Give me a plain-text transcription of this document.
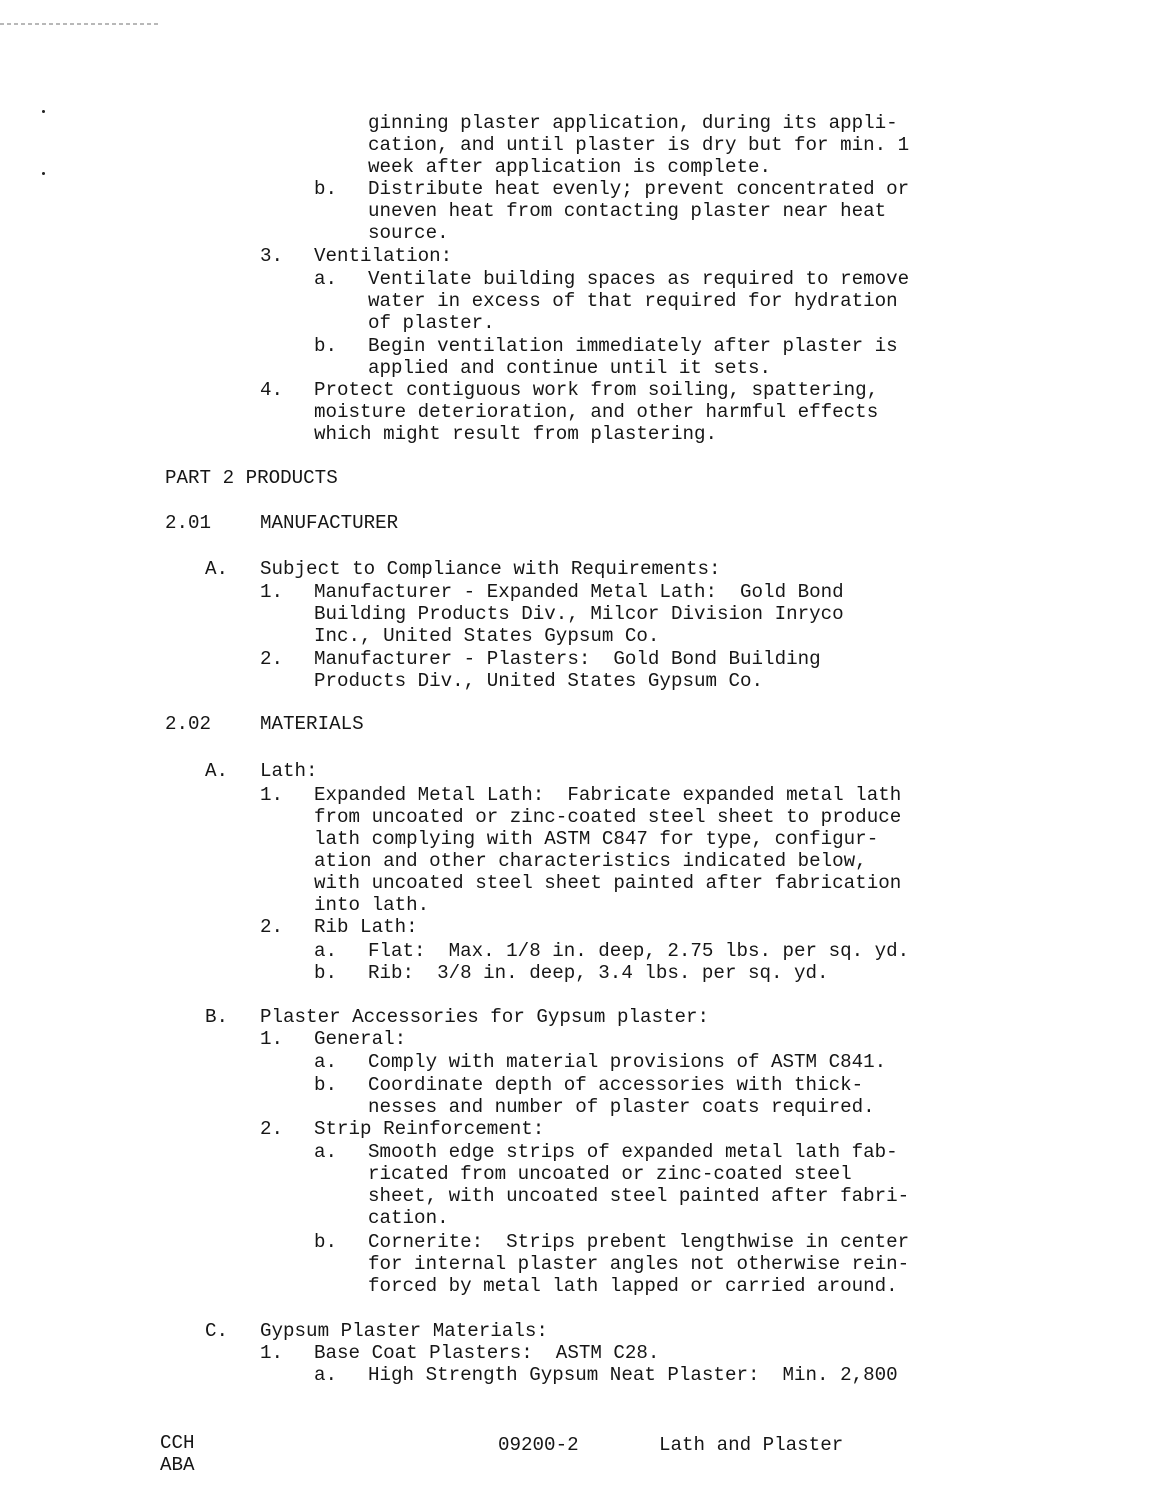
ginning plaster application, during its appli-
cation, and until plaster is dry but for min. 1
week after application is complete.
b. Distribute heat evenly; prevent concentrated or
uneven heat from contacting plaster near heat
source.
3. Ventilation:
a. Ventilate building spaces as required to remove
water in excess of that required for hydration
of plaster.
b. Begin ventilation immediately after plaster is
applied and continue until it sets.
4. Protect contiguous work from soiling, spattering,
moisture deterioration, and other harmful effects
which might result from plastering.
PART 2 PRODUCTS
2.01	MANUFACTURER
A. Subject to Compliance with Requirements:
1. Manufacturer - Expanded Metal Lath:  Gold Bond
Building Products Div., Milcor Division Inryco
Inc., United States Gypsum Co.
2. Manufacturer - Plasters:  Gold Bond Building
Products Div., United States Gypsum Co.
2.02	MATERIALS
A. Lath:
1. Expanded Metal Lath:  Fabricate expanded metal lath
from uncoated or zinc-coated steel sheet to produce
lath complying with ASTM C847 for type, configur-
ation and other characteristics indicated below,
with uncoated steel sheet painted after fabrication
into lath.
2. Rib Lath:
a. Flat:  Max. 1/8 in. deep, 2.75 lbs. per sq. yd.
b. Rib:  3/8 in. deep, 3.4 lbs. per sq. yd.
B. Plaster Accessories for Gypsum plaster:
1. General:
a. Comply with material provisions of ASTM C841.
b. Coordinate depth of accessories with thick-
nesses and number of plaster coats required.
2. Strip Reinforcement:
a. Smooth edge strips of expanded metal lath fab-
ricated from uncoated or zinc-coated steel
sheet, with uncoated steel painted after fabri-
cation.
b. Cornerite:  Strips prebent lengthwise in center
for internal plaster angles not otherwise rein-
forced by metal lath lapped or carried around.
C. Gypsum Plaster Materials:
1. Base Coat Plasters:  ASTM C28.
a. High Strength Gypsum Neat Plaster:  Min. 2,800
CCH
ABA
09200-2	Lath and Plaster
